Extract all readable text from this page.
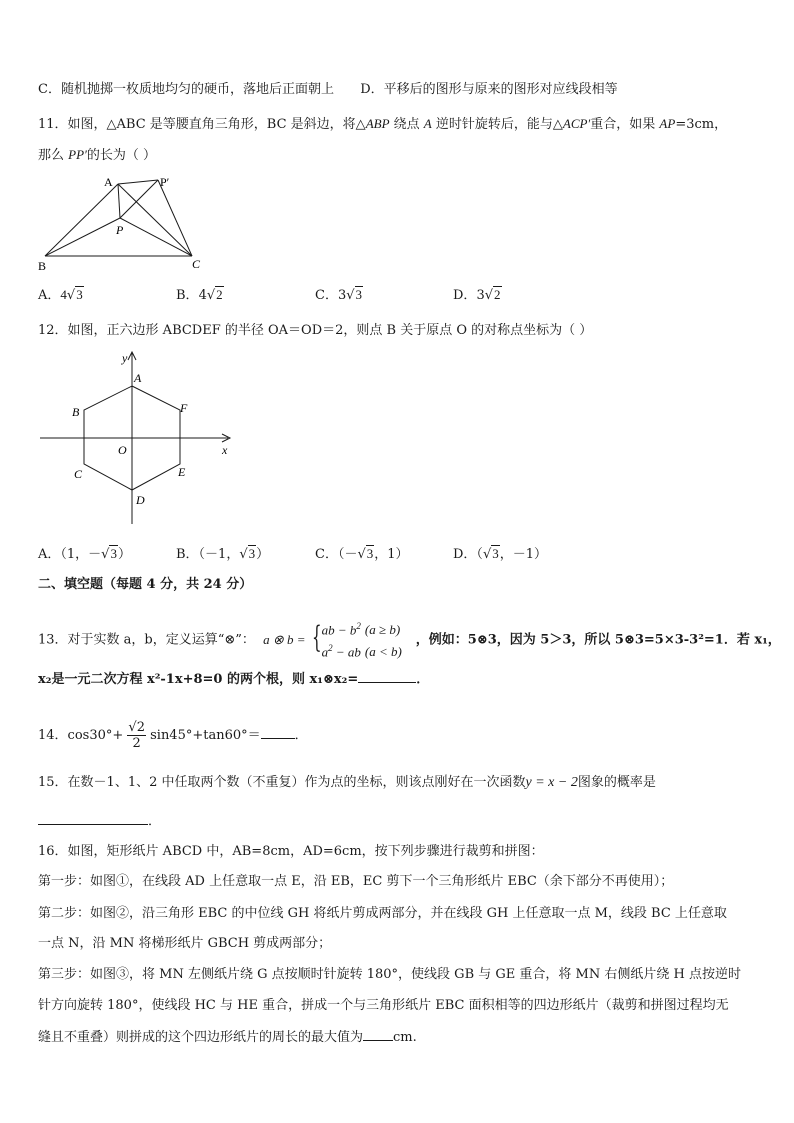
C．随机抛掷一枚质地均匀的硬币，落地后正面朝上 D．平移后的图形与原来的图形对应线段相等
11．如图，△ABC 是等腰直角三角形，BC 是斜边，将△ABP 绕点 A 逆时针旋转后，能与△ACP′重合，如果 AP=3cm，
那么 PP′的长为（ ）
A	P′
P
B	C
A．4√3	B．4√2	C．3√3	D．3√2
12．如图，正六边形 ABCDEF 的半径 OA＝OD＝2，则点 B 关于原点 O 的对称点坐标为（ ）
y
x
A
B
C
D
E
F
O
A．（1，－√3）	B．（－1，√3）	C．（－√3，1）	D．（√3，－1）
二、填空题（每题 4 分，共 24 分）
13．对于实数 a，b，定义运算“⊗”： a ⊗ b = { ab − $b^2$ (a ≥ b)
$a^2$ − ab (a < b)
，例如：5⊗3，因为 5＞3，所以 5⊗3=5×3-3²=1．若 x₁，
x₂是一元二次方程 x²-1x+8=0 的两个根，则 x₁⊗x₂=	．
14．$\cos 30^\circ+ \frac{√2}{2} \sin 45^\circ+\tan 60^\circ=$	．
15．在数－1、1、2 中任取两个数（不重复）作为点的坐标，则该点刚好在一次函数y = x − 2图象的概率是
．
16．如图，矩形纸片 ABCD 中，AB=8cm，AD=6cm，按下列步骤进行裁剪和拼图：
第一步：如图①，在线段 AD 上任意取一点 E，沿 EB，EC 剪下一个三角形纸片 EBC（余下部分不再使用）；
第二步：如图②，沿三角形 EBC 的中位线 GH 将纸片剪成两部分，并在线段 GH 上任意取一点 M，线段 BC 上任意取
一点 N，沿 MN 将梯形纸片 GBCH 剪成两部分；
第三步：如图③，将 MN 左侧纸片绕 G 点按顺时针旋转 180°，使线段 GB 与 GE 重合，将 MN 右侧纸片绕 H 点按逆时
针方向旋转 180°，使线段 HC 与 HE 重合，拼成一个与三角形纸片 EBC 面积相等的四边形纸片（裁剪和拼图过程均无
缝且不重叠）则拼成的这个四边形纸片的周长的最大值为 cm.
